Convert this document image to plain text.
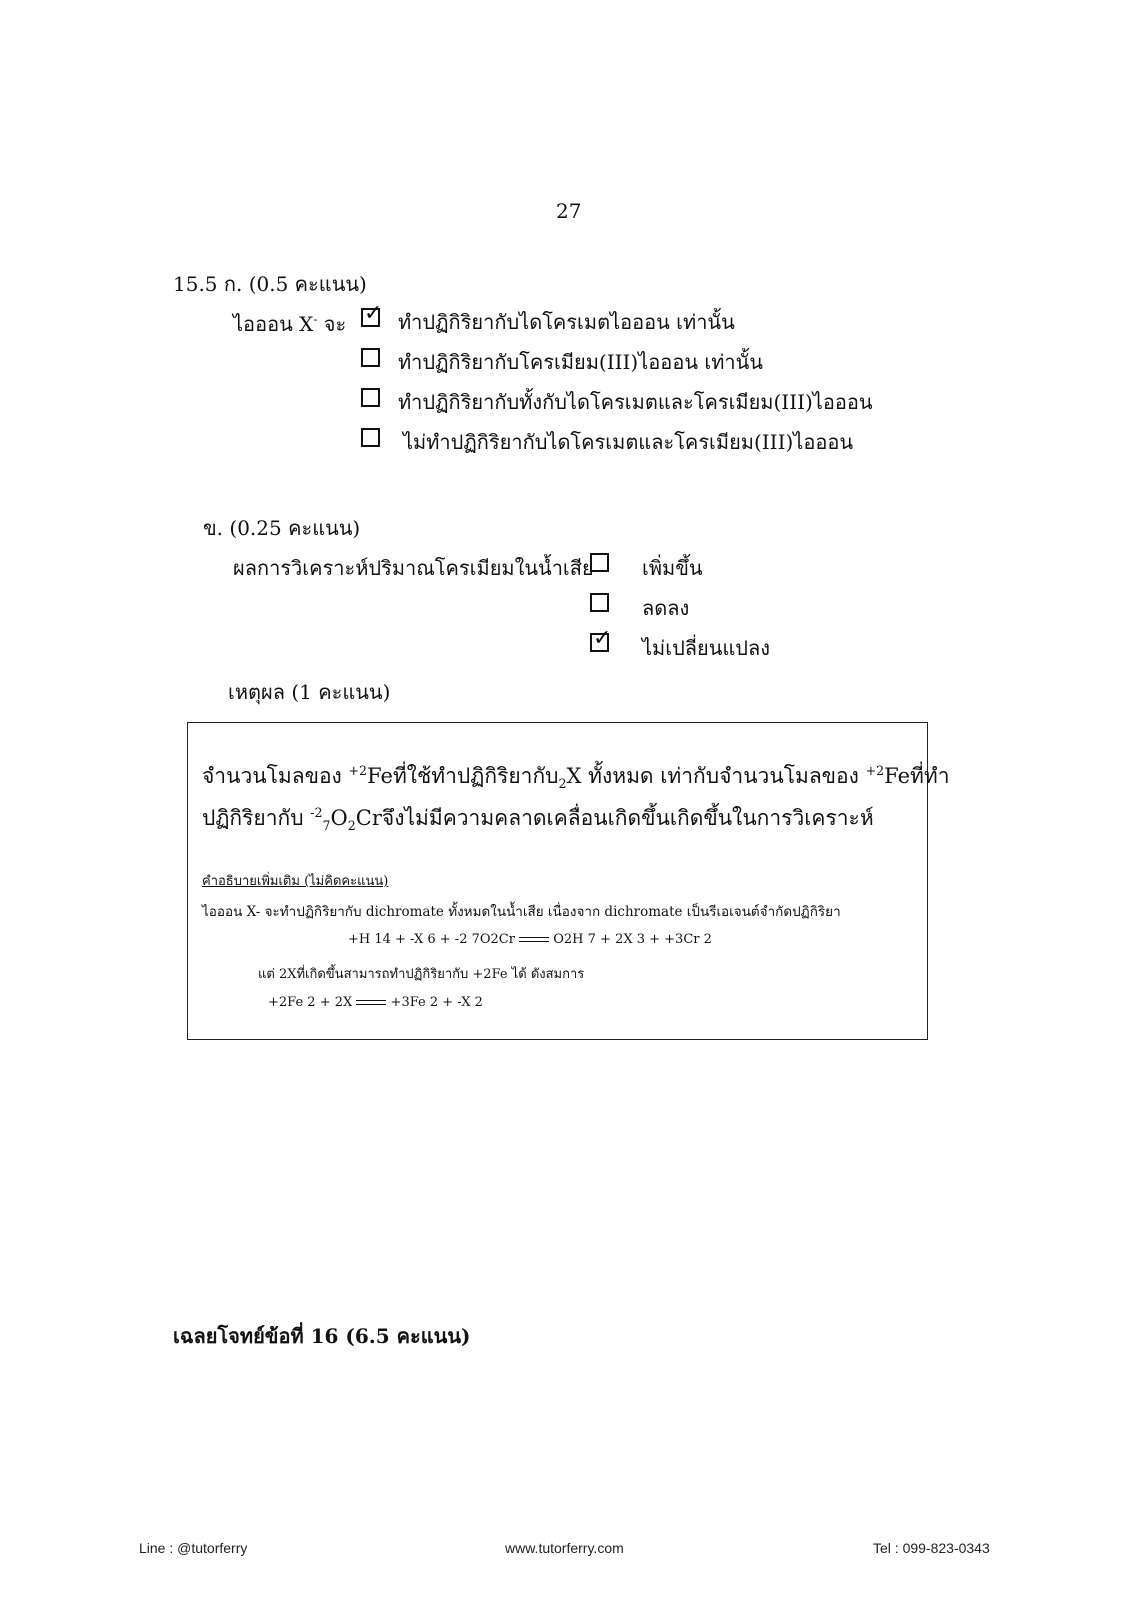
27
15.5 ก. (0.5 คะแนน)
ไอออน X- จะ ✓ ทำปฏิกิริยากับไดโครเมตไอออน เท่านั้น
ทำปฏิกิริยากับโครเมียม(III)ไอออน เท่านั้น
ทำปฏิกิริยากับทั้งกับไดโครเมตและโครเมียม(III)ไอออน
ไม่ทำปฏิกิริยากับไดโครเมตและโครเมียม(III)ไอออน
ข. (0.25 คะแนน)
ผลการวิเคราะห์ปริมาณโครเมียมในน้ำเสีย เพิ่มขึ้น
ลดลง
✓ ไม่เปลี่ยนแปลง
เหตุผล (1 คะแนน)
จำนวนโมลของ $^{+2}$Feที่ใช้ทำปฏิกิริยากับ$_2$X ทั้งหมด เท่ากับจำนวนโมลของ $^{+2}$Feที่ทำ
ปฏิกิริยากับ $^{-2}_7O_2Cr$จึงไม่มีความคลาดเคลื่อนเกิดขึ้นเกิดขึ้นในการวิเคราะห์
คำอธิบายเพิ่มเติม (ไม่คิดคะแนน)
ไอออน X- จะทำปฏิกิริยากับ dichromate ทั้งหมดในน้ำเสีย เนื่องจาก dichromate เป็นรีเอเจนต์จำกัดปฏิกิริยา
+H 14 + -X 6 + -2 7O2Cr	O2H 7 + 2X 3 + +3Cr 2
แต่ 2Xที่เกิดขึ้นสามารถทำปฏิกิริยากับ +2Fe ได้ ดังสมการ
+2Fe 2 + 2X	+3Fe 2 + -X 2
เฉลยโจทย์ข้อที่ 16 (6.5 คะแนน)
Line : @tutorferry	www.tutorferry.com	Tel : 099-823-0343
